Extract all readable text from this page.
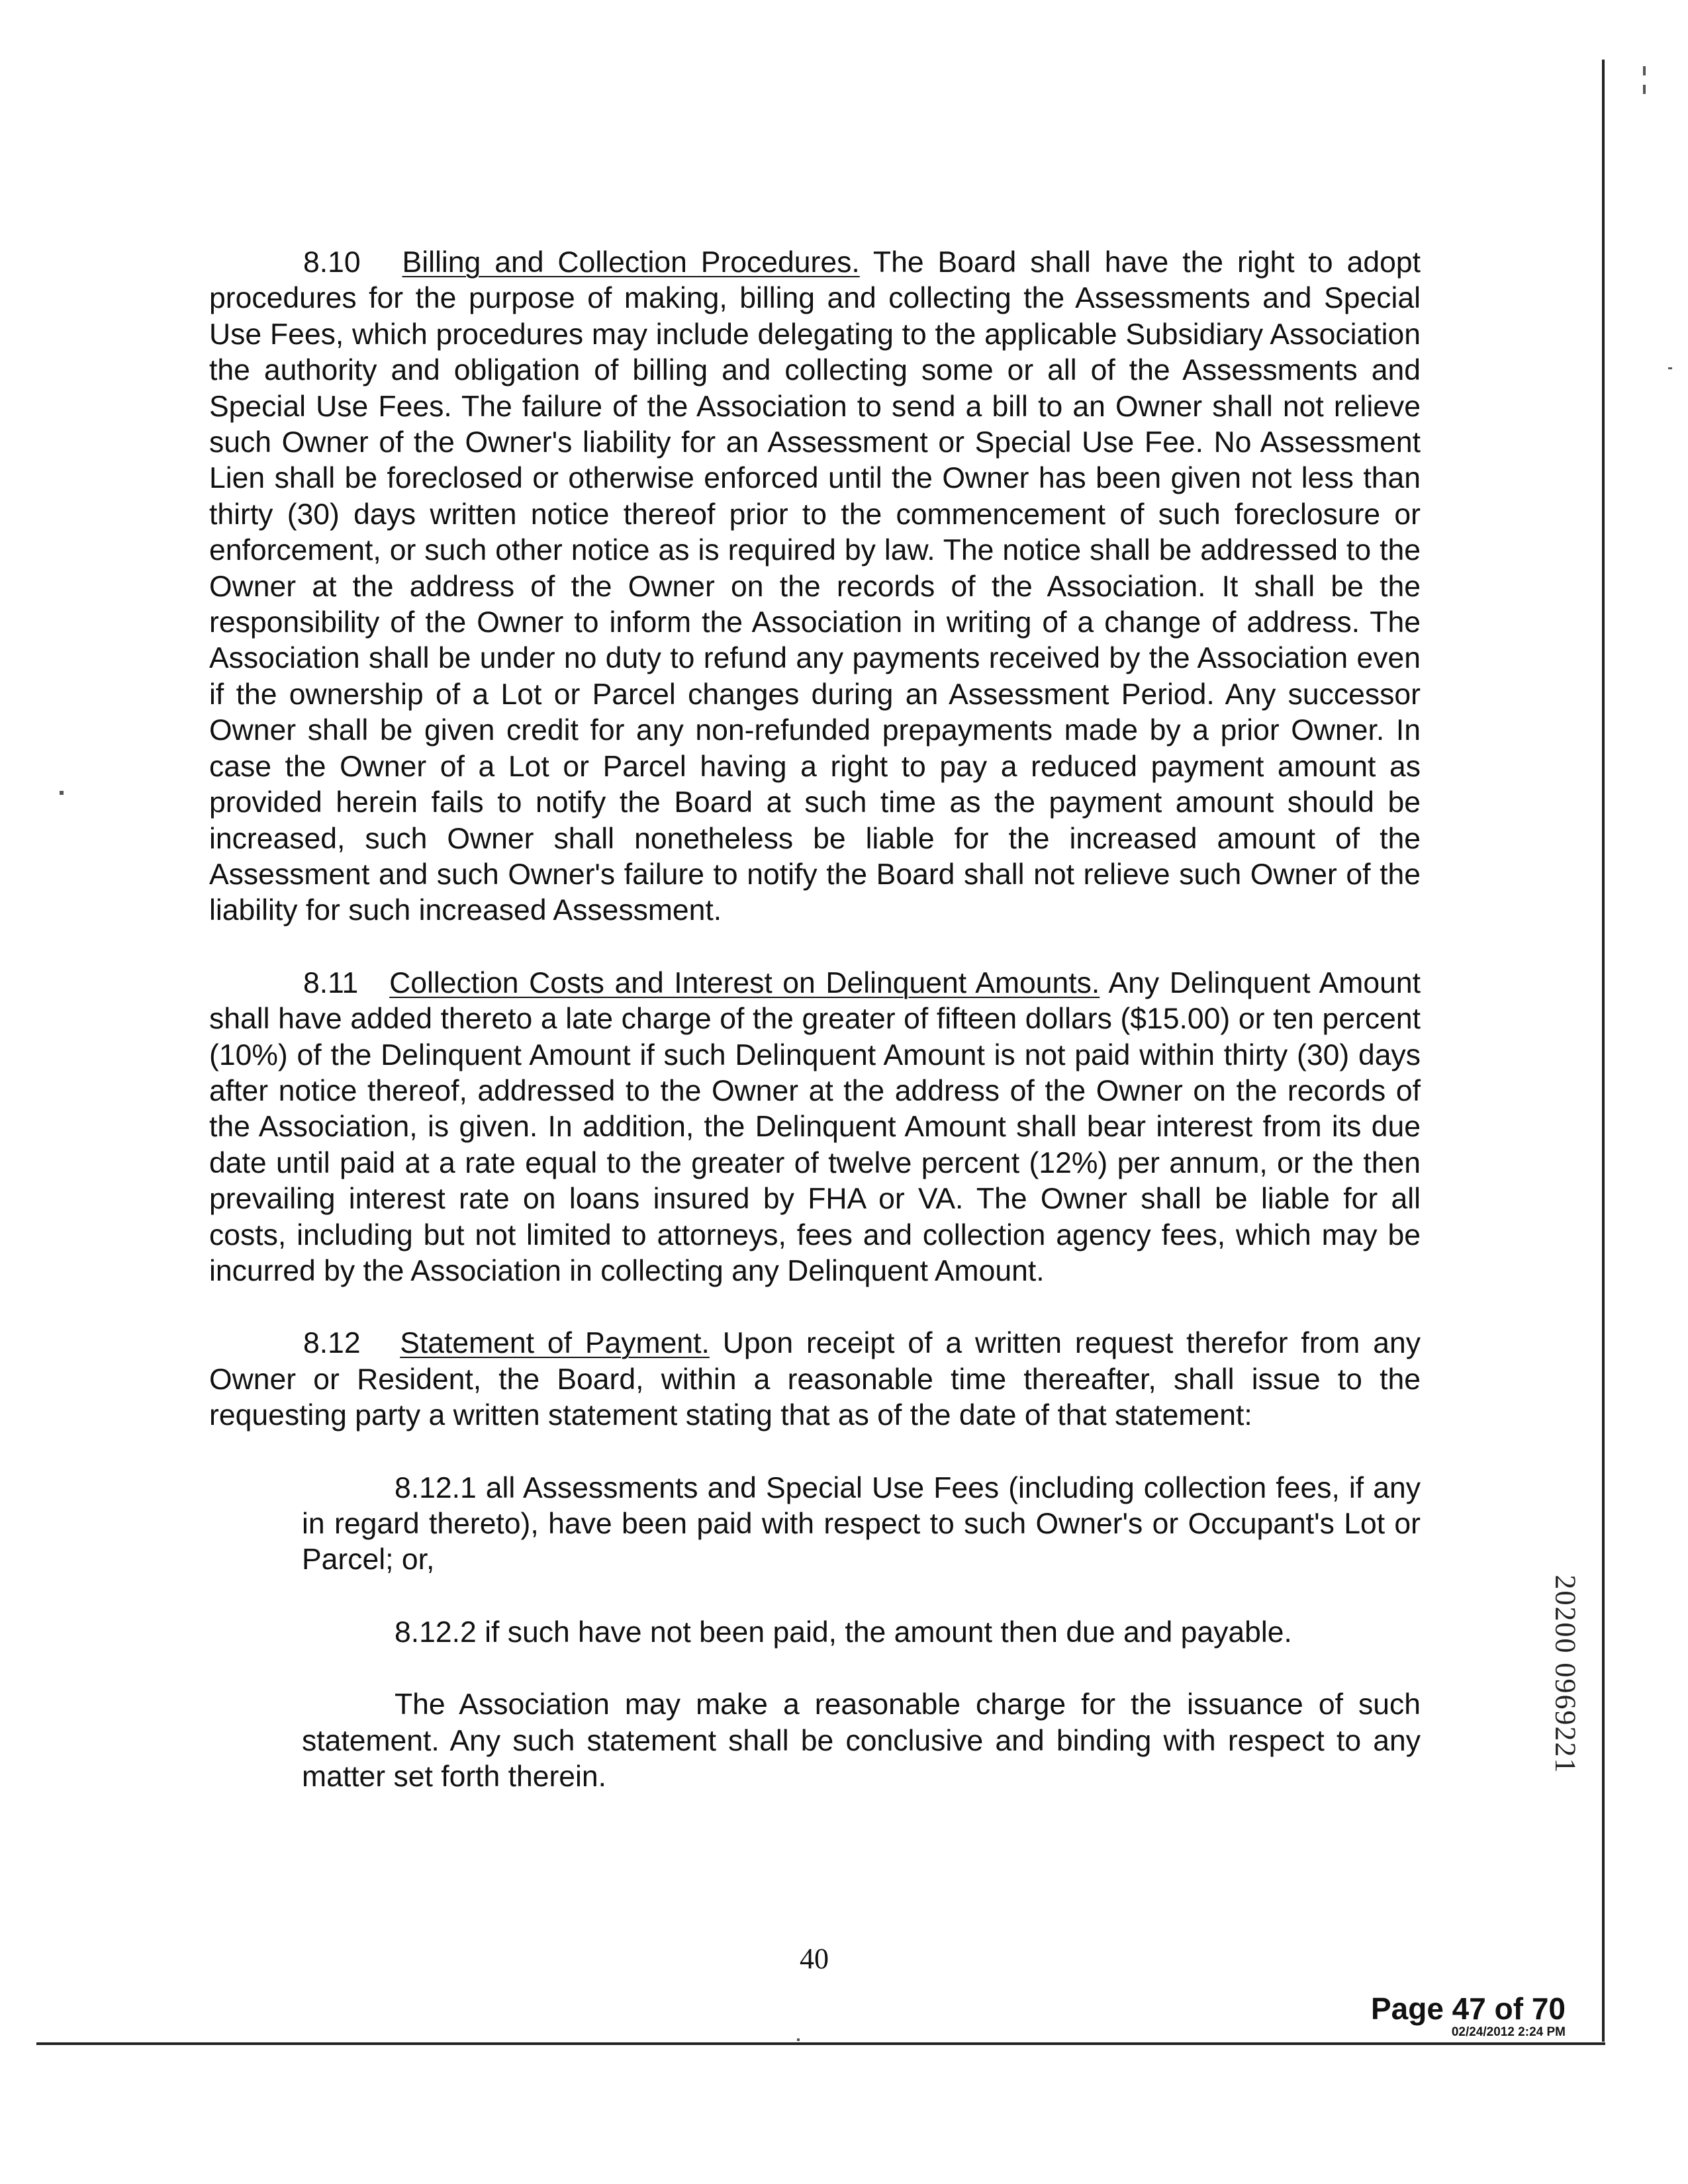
8.10 Billing and Collection Procedures. The Board shall have the right to adopt procedures for the purpose of making, billing and collecting the Assessments and Special Use Fees, which procedures may include delegating to the applicable Subsidiary Association the authority and obligation of billing and collecting some or all of the Assessments and Special Use Fees. The failure of the Association to send a bill to an Owner shall not relieve such Owner of the Owner's liability for an Assessment or Special Use Fee. No Assessment Lien shall be foreclosed or otherwise enforced until the Owner has been given not less than thirty (30) days written notice thereof prior to the commencement of such foreclosure or enforcement, or such other notice as is required by law. The notice shall be addressed to the Owner at the address of the Owner on the records of the Association. It shall be the responsibility of the Owner to inform the Association in writing of a change of address. The Association shall be under no duty to refund any payments received by the Association even if the ownership of a Lot or Parcel changes during an Assessment Period. Any successor Owner shall be given credit for any non-refunded prepayments made by a prior Owner. In case the Owner of a Lot or Parcel having a right to pay a reduced payment amount as provided herein fails to notify the Board at such time as the payment amount should be increased, such Owner shall nonetheless be liable for the increased amount of the Assessment and such Owner's failure to notify the Board shall not relieve such Owner of the liability for such increased Assessment.

8.11 Collection Costs and Interest on Delinquent Amounts. Any Delinquent Amount shall have added thereto a late charge of the greater of fifteen dollars ($15.00) or ten percent (10%) of the Delinquent Amount if such Delinquent Amount is not paid within thirty (30) days after notice thereof, addressed to the Owner at the address of the Owner on the records of the Association, is given. In addition, the Delinquent Amount shall bear interest from its due date until paid at a rate equal to the greater of twelve percent (12%) per annum, or the then prevailing interest rate on loans insured by FHA or VA. The Owner shall be liable for all costs, including but not limited to attorneys, fees and collection agency fees, which may be incurred by the Association in collecting any Delinquent Amount.

8.12 Statement of Payment. Upon receipt of a written request therefor from any Owner or Resident, the Board, within a reasonable time thereafter, shall issue to the requesting party a written statement stating that as of the date of that statement:

8.12.1 all Assessments and Special Use Fees (including collection fees, if any in regard thereto), have been paid with respect to such Owner's or Occupant's Lot or Parcel; or,

8.12.2 if such have not been paid, the amount then due and payable.

The Association may make a reasonable charge for the issuance of such statement. Any such statement shall be conclusive and binding with respect to any matter set forth therein.

40
Page 47 of 70
02/24/2012 2:24 PM
20200 0969221
